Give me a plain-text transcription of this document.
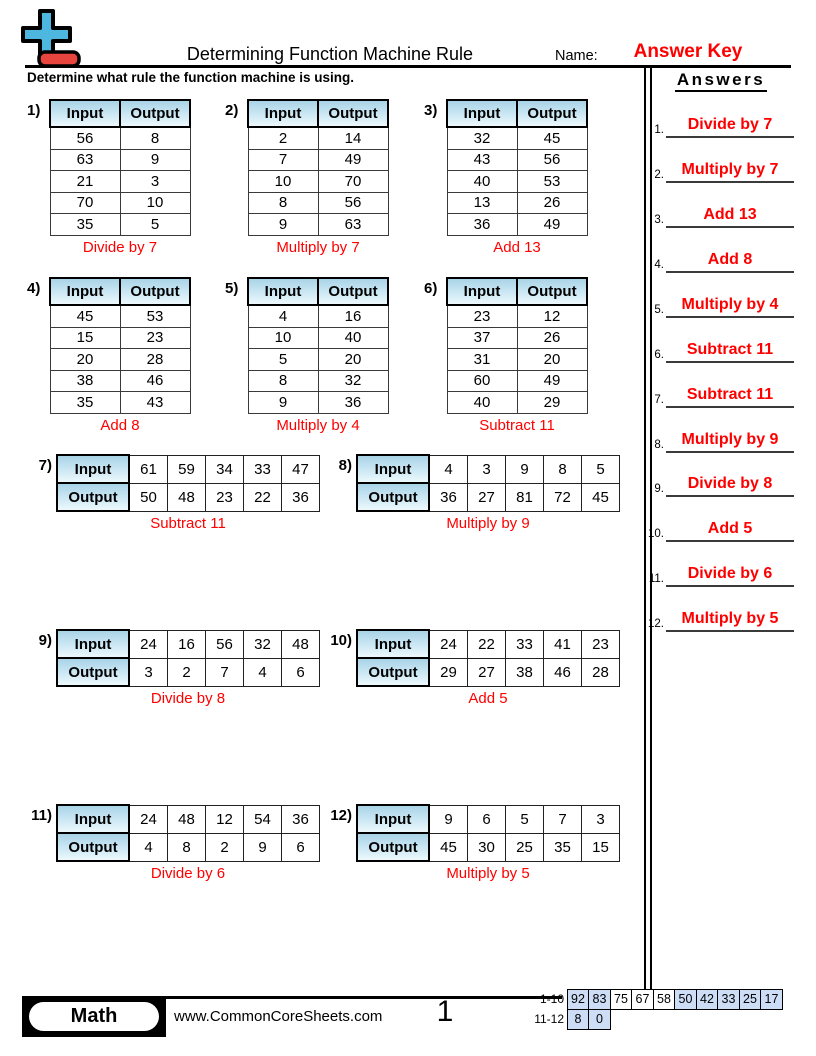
Determining Function Machine Rule	Name:	Answer Key
Determine what rule the function machine is using.	Answers
1. Divide by 7
2. Multiply by 7
3. Add 13
4.	Add 8
5. Multiply by 4
6. Subtract 11
7. Subtract 11
8. Multiply by 9
9. Divide by 8
10.	Add 5
11. Divide by 6
12. Multiply by 5
1)	Input	Output
56	8
63	9
21	3
70	10
35	5
Divide by 7
2)	Input	Output
2	14
7	49
10	70
8	56
9	63
Multiply by 7
3)	Input	Output
32	45
43	56
40	53
13	26
36	49
Add 13
4)	Input	Output
45	53
15	23
20	28
38	46
35	43
Add 8
5)	Input	Output
4	16
10	40
5	20
8	32
9	36
Multiply by 4
6)	Input	Output
23	12
37	26
31	20
60	49
40	29
Subtract 11
7) Input	61	59	34	33	47
Output	50	48	23	22	36
Subtract 11
8) Input	4	3	9	8	5
Output	36	27	81	72	45
Multiply by 9
9) Input	24	16	56	32	48
Output	3	2	7	4	6
Divide by 8
10) Input	24	22	33	41	23
Output	29	27	38	46	28
Add 5
11) Input	24	48	12	54	36
Output	4	8	2	9	6
Divide by 6
12) Input	9	6	5	7	3
Output	45	30	25	35	15
Multiply by 5
Math	www.CommonCoreSheets.com	1	1-10 92 83 75 67 58 50 42 33 25 17
11-12 8	0
